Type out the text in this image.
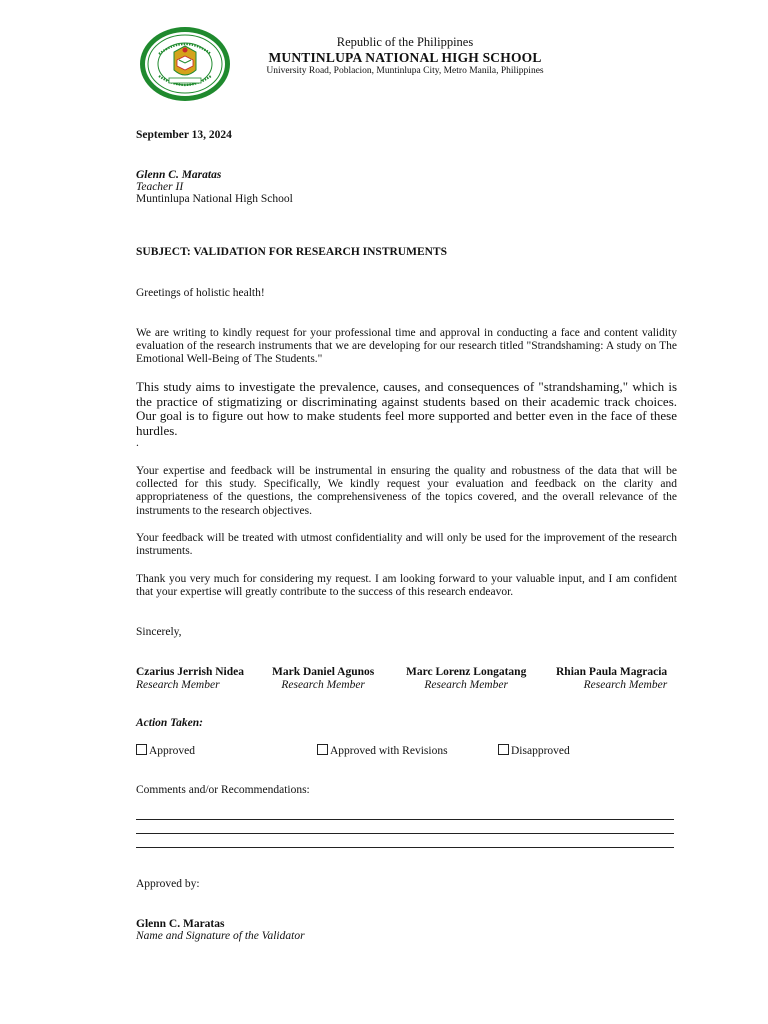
Republic of the Philippines
MUNTINLUPA NATIONAL HIGH SCHOOL
University Road, Poblacion, Muntinlupa City, Metro Manila, Philippines
September 13, 2024
Glenn C. Maratas
Teacher II
Muntinlupa National High School
SUBJECT: VALIDATION FOR RESEARCH INSTRUMENTS
Greetings of holistic health!
We are writing to kindly request for your professional time and approval in conducting a face and content validity evaluation of the research instruments that we are developing for our research titled "Strandshaming: A study on The Emotional Well-Being of The Students."
This study aims to investigate the prevalence, causes, and consequences of "strandshaming," which is the practice of stigmatizing or discriminating against students based on their academic track choices. Our goal is to figure out how to make students feel more supported and better even in the face of these hurdles.
.
Your expertise and feedback will be instrumental in ensuring the quality and robustness of the data that will be collected for this study. Specifically, We kindly request your evaluation and feedback on the clarity and appropriateness of the questions, the comprehensiveness of the topics covered, and the overall relevance of the instruments to the research objectives.
Your feedback will be treated with utmost confidentiality and will only be used for the improvement of the research instruments.
Thank you very much for considering my request. I am looking forward to your valuable input, and I am confident that your expertise will greatly contribute to the success of this research endeavor.
Sincerely,
Czarius Jerrish Nidea
Research Member
Mark Daniel Agunos
Research Member
Marc Lorenz Longatang
Research Member
Rhian Paula Magracia
Research Member
Action Taken:
Approved	Approved with Revisions	Disapproved
Comments and/or Recommendations:
Approved by:
Glenn C. Maratas
Name and Signature of the Validator
